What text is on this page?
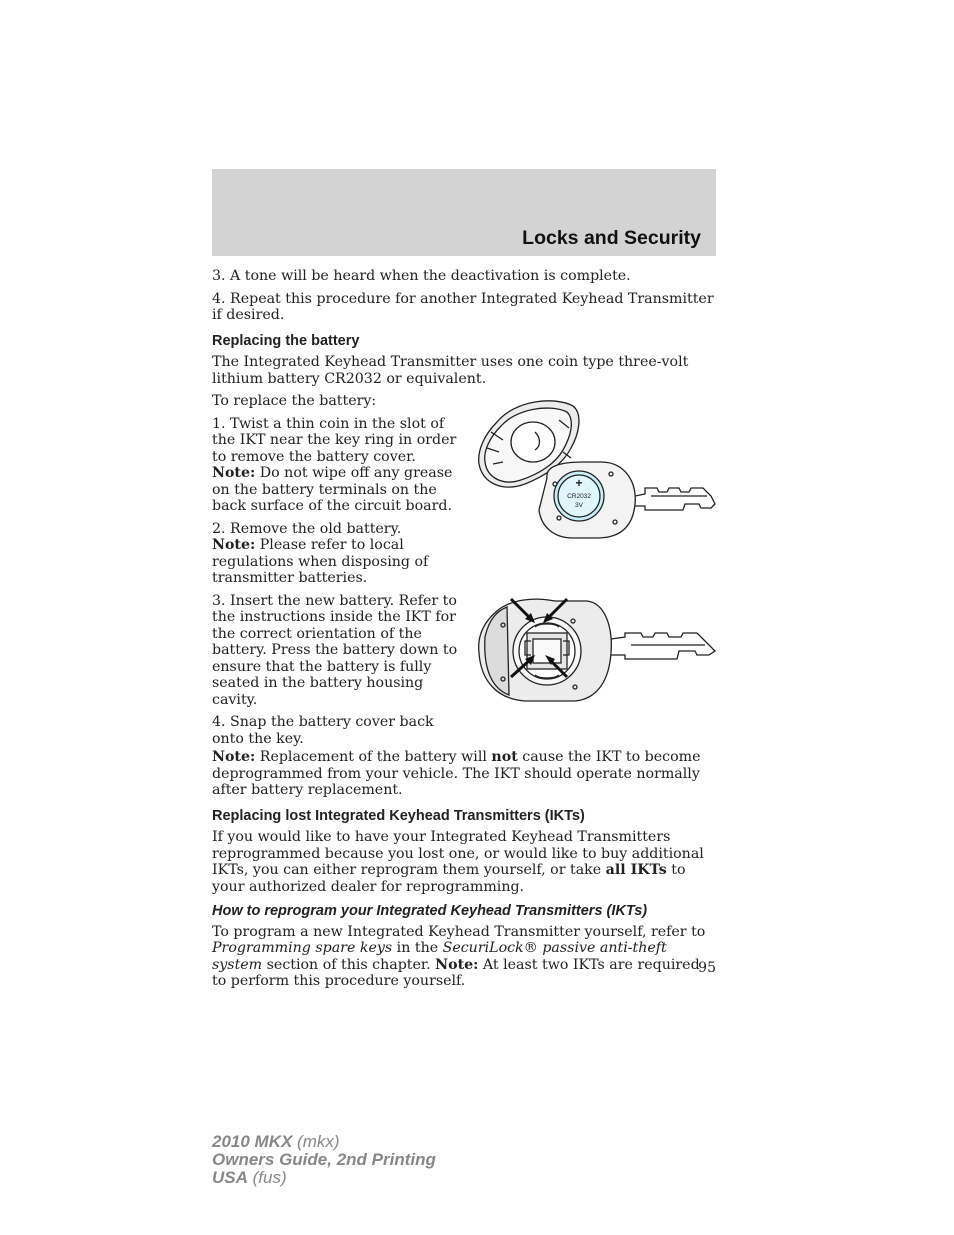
Locks and Security

3. A tone will be heard when the deactivation is complete.

4. Repeat this procedure for another Integrated Keyhead Transmitter if desired.

Replacing the battery

The Integrated Keyhead Transmitter uses one coin type three-volt lithium battery CR2032 or equivalent.

To replace the battery:

1. Twist a thin coin in the slot of the IKT near the key ring in order to remove the battery cover.
Note: Do not wipe off any grease on the battery terminals on the back surface of the circuit board.

2. Remove the old battery.
Note: Please refer to local regulations when disposing of transmitter batteries.

3. Insert the new battery. Refer to the instructions inside the IKT for the correct orientation of the battery. Press the battery down to ensure that the battery is fully seated in the battery housing cavity.

4. Snap the battery cover back onto the key.

Note: Replacement of the battery will not cause the IKT to become deprogrammed from your vehicle. The IKT should operate normally after battery replacement.

Replacing lost Integrated Keyhead Transmitters (IKTs)

If you would like to have your Integrated Keyhead Transmitters reprogrammed because you lost one, or would like to buy additional IKTs, you can either reprogram them yourself, or take all IKTs to your authorized dealer for reprogramming.

How to reprogram your Integrated Keyhead Transmitters (IKTs)

To program a new Integrated Keyhead Transmitter yourself, refer to Programming spare keys in the SecuriLock® passive anti-theft system section of this chapter. Note: At least two IKTs are required to perform this procedure yourself.

+
CR2032
3V
95
2010 MKX (mkx)
Owners Guide, 2nd Printing
USA (fus)
